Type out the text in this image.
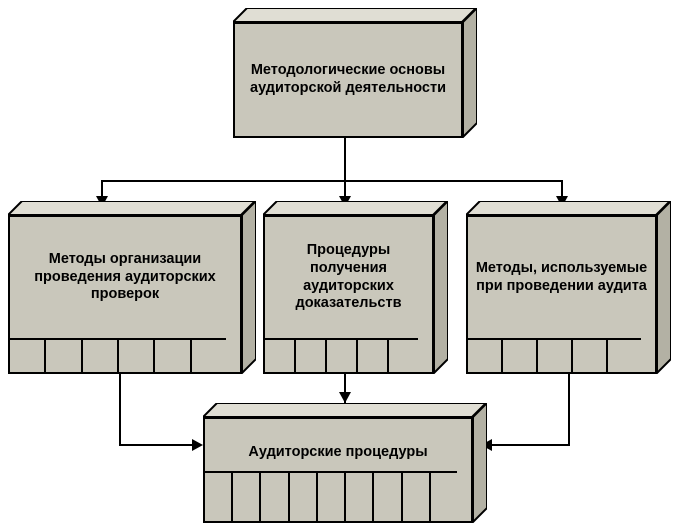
Методологические основы аудиторской деятельности
Методы организации проведения аудиторских проверок
Процедуры получения аудиторских доказательств
Методы, используемые при проведении аудита
Аудиторские процедуры
